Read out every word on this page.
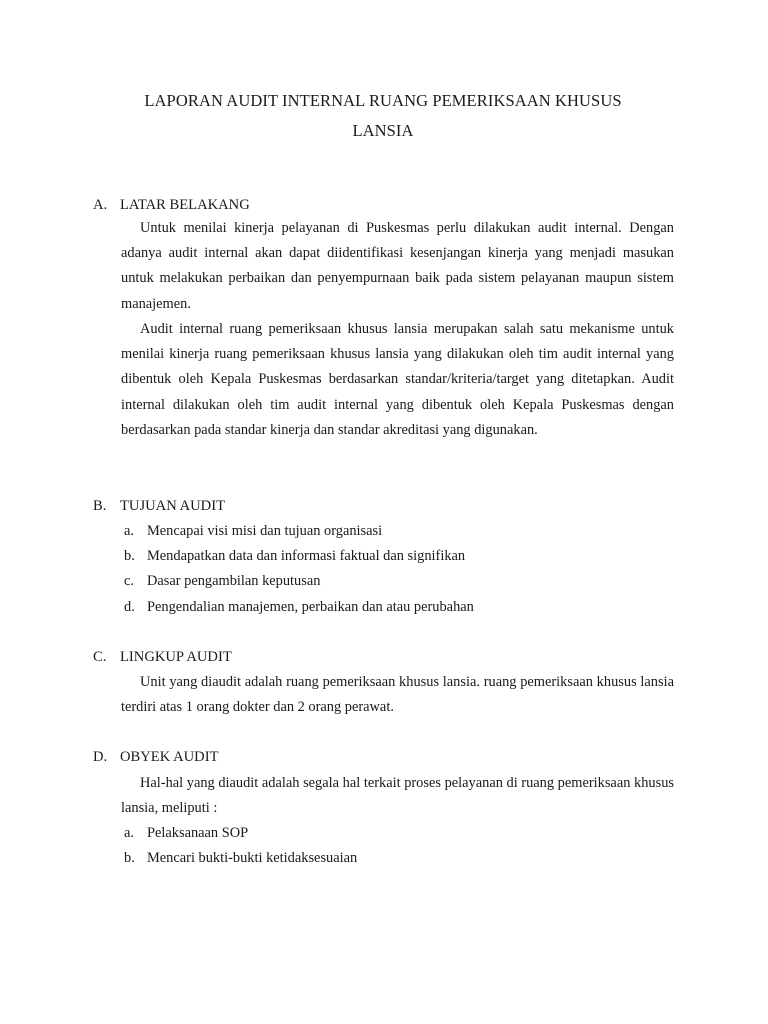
LAPORAN AUDIT INTERNAL RUANG PEMERIKSAAN KHUSUS
LANSIA
A. LATAR BELAKANG
Untuk menilai kinerja pelayanan di Puskesmas perlu dilakukan audit internal. Dengan adanya audit internal akan dapat diidentifikasi kesenjangan kinerja yang menjadi masukan untuk melakukan perbaikan dan penyempurnaan baik pada sistem pelayanan maupun sistem manajemen.
Audit internal ruang pemeriksaan khusus lansia merupakan salah satu mekanisme untuk menilai kinerja ruang pemeriksaan khusus lansia yang dilakukan oleh tim audit internal yang dibentuk oleh Kepala Puskesmas berdasarkan standar/kriteria/target yang ditetapkan. Audit internal dilakukan oleh tim audit internal yang dibentuk oleh Kepala Puskesmas dengan berdasarkan pada standar kinerja dan standar akreditasi yang digunakan.
B. TUJUAN AUDIT
a. Mencapai visi misi dan tujuan organisasi
b. Mendapatkan data dan informasi faktual dan signifikan
c. Dasar pengambilan keputusan
d. Pengendalian manajemen, perbaikan dan atau perubahan
C. LINGKUP AUDIT
Unit yang diaudit adalah ruang pemeriksaan khusus lansia. ruang pemeriksaan khusus lansia terdiri atas 1 orang dokter dan 2 orang perawat.
D. OBYEK AUDIT
Hal-hal yang diaudit adalah segala hal terkait proses pelayanan di ruang pemeriksaan khusus lansia, meliputi :
a. Pelaksanaan SOP
b. Mencari bukti-bukti ketidaksesuaian
